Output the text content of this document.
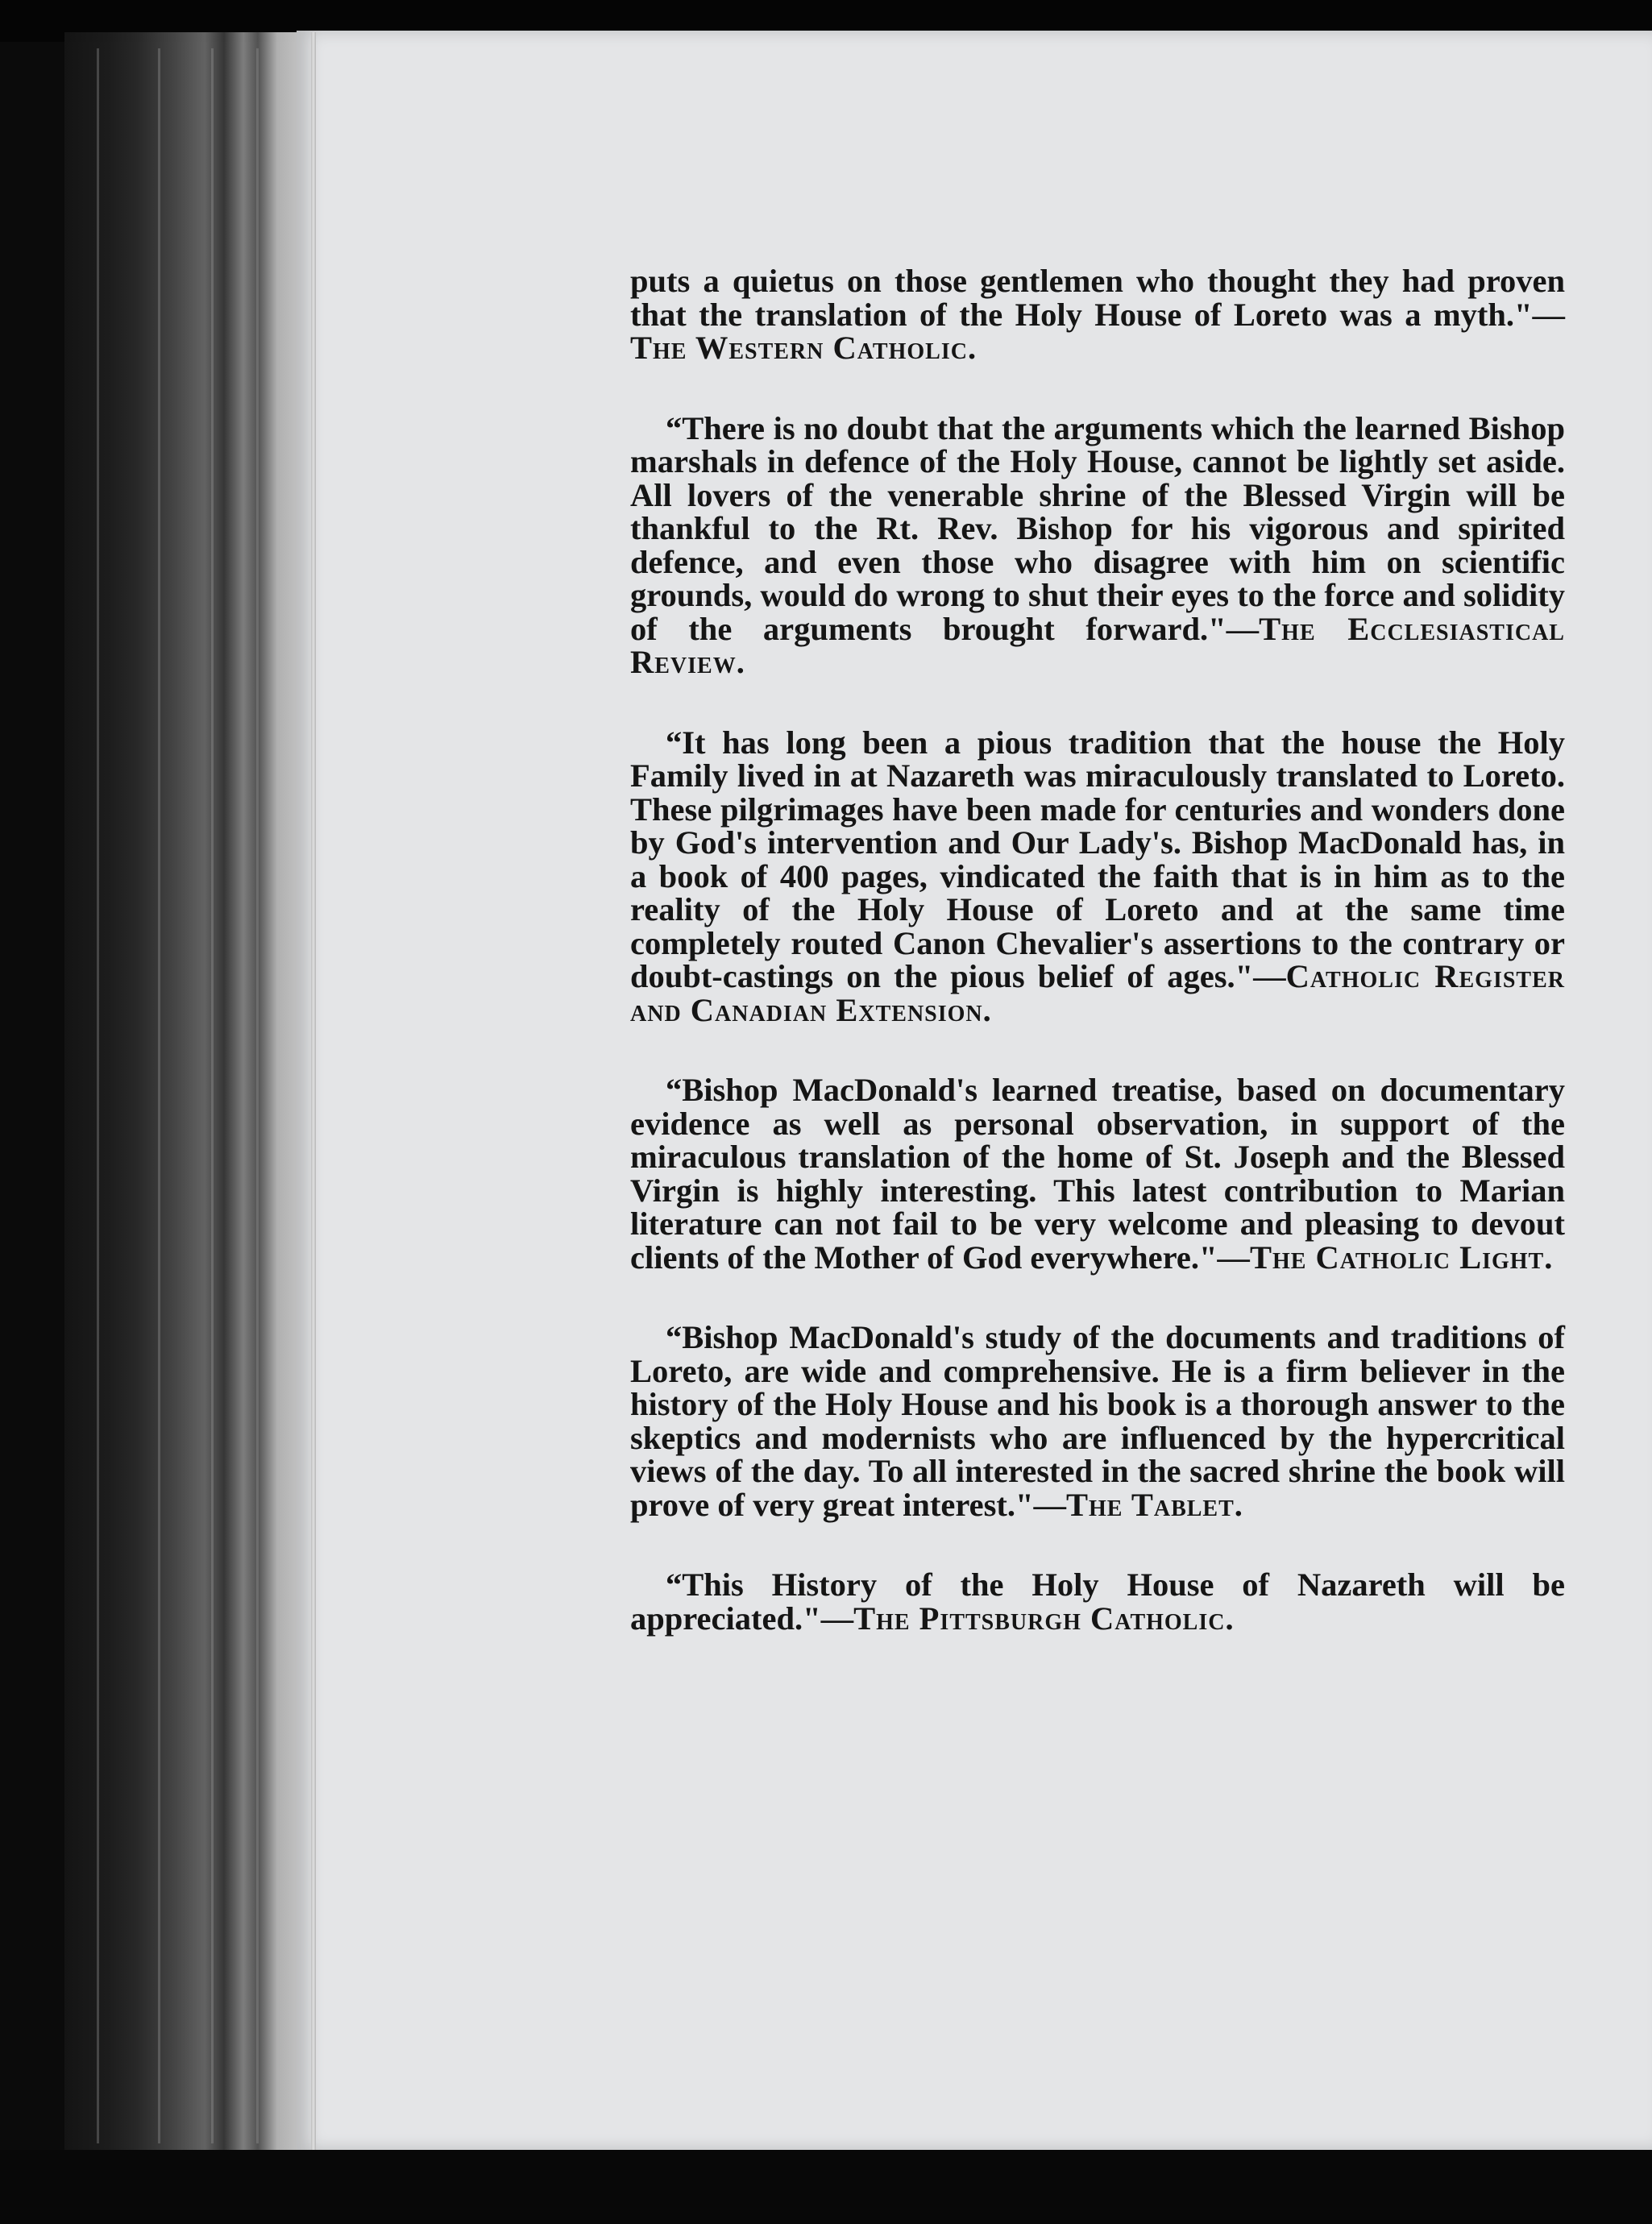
puts a quietus on those gentlemen who thought they had proven that the translation of the Holy House of Loreto was a myth."—The Western Catholic.

“There is no doubt that the arguments which the learned Bishop marshals in defence of the Holy House, cannot be lightly set aside. All lovers of the venerable shrine of the Blessed Virgin will be thankful to the Rt. Rev. Bishop for his vigorous and spirited defence, and even those who disagree with him on scientific grounds, would do wrong to shut their eyes to the force and solidity of the arguments brought forward."—The Ecclesiastical Review.

“It has long been a pious tradition that the house the Holy Family lived in at Nazareth was miraculously translated to Loreto. These pilgrimages have been made for centuries and wonders done by God's intervention and Our Lady's. Bishop MacDonald has, in a book of 400 pages, vindicated the faith that is in him as to the reality of the Holy House of Loreto and at the same time completely routed Canon Chevalier's assertions to the contrary or doubt-castings on the pious belief of ages."—Catholic Register and Canadian Extension.

“Bishop MacDonald's learned treatise, based on documentary evidence as well as personal observation, in support of the miraculous translation of the home of St. Joseph and the Blessed Virgin is highly interesting. This latest contribution to Marian literature can not fail to be very welcome and pleasing to devout clients of the Mother of God everywhere."—The Catholic Light.

“Bishop MacDonald's study of the documents and traditions of Loreto, are wide and comprehensive. He is a firm believer in the history of the Holy House and his book is a thorough answer to the skeptics and modernists who are influenced by the hypercritical views of the day. To all interested in the sacred shrine the book will prove of very great interest."—The Tablet.

“This History of the Holy House of Nazareth will be appreciated."—The Pittsburgh Catholic.
